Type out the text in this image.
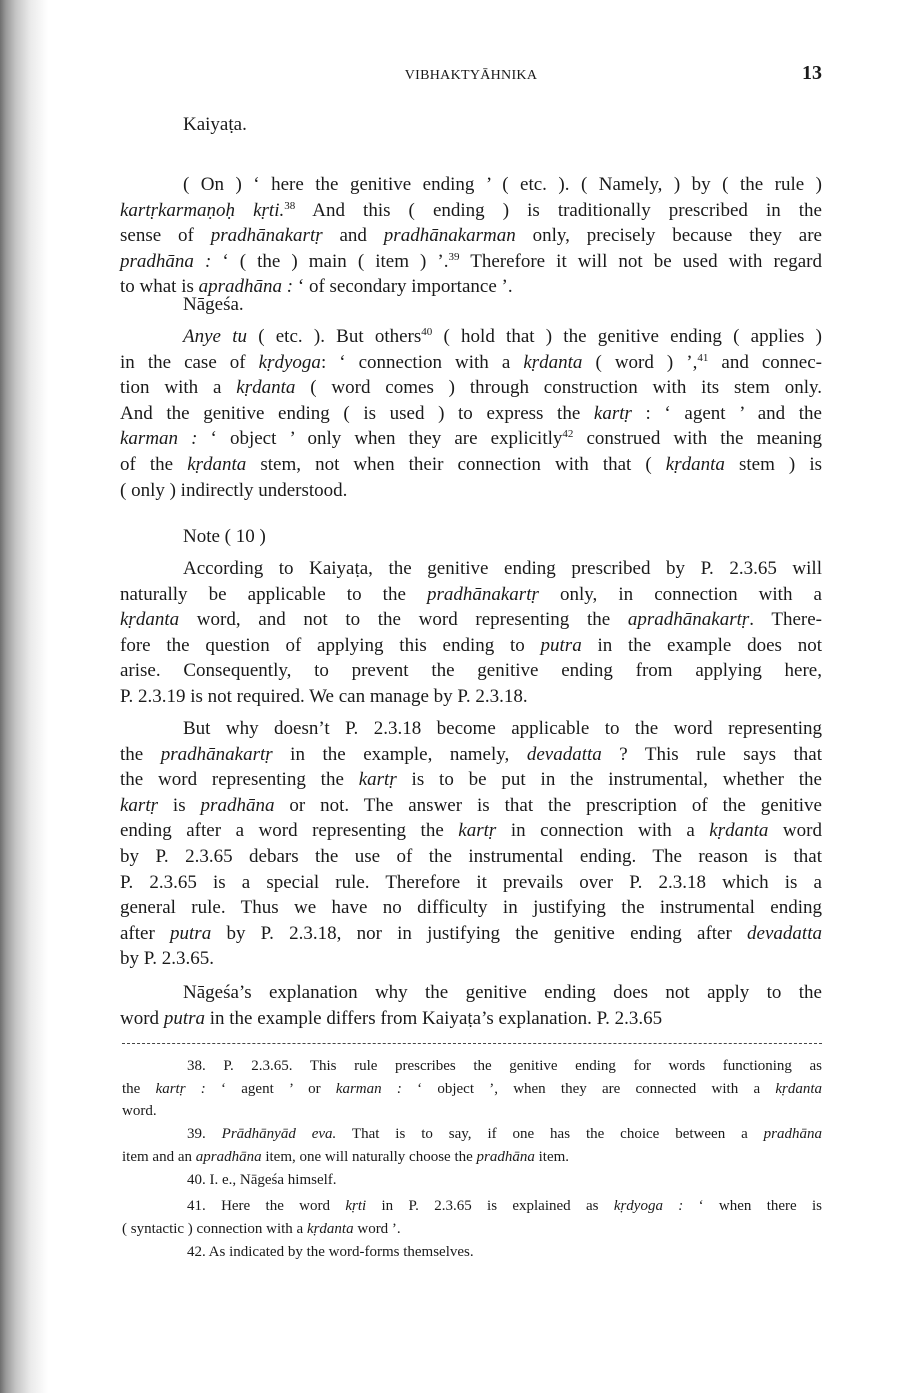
VIBHAKTYĀHNIKA	13
Kaiyaṭa.
( On ) ‘ here the genitive ending ’ ( etc. ). ( Namely, ) by ( the rule )
kartṛkarmaṇoḥ kṛti.$^{38}$ And this ( ending ) is traditionally prescribed in the
sense of pradhānakartṛ and pradhānakarman only, precisely because they are
pradhāna : ‘ ( the ) main ( item ) ’.$^{39}$ Therefore it will not be used with regard
to what is apradhāna : ‘ of secondary importance ’.
Nāgeśa.
Anye tu ( etc. ). But others$^{40}$ ( hold that ) the genitive ending ( applies )
in the case of kṛdyoga: ‘ connection with a kṛdanta ( word ) ’,$^{41}$ and connec-
tion with a kṛdanta ( word comes ) through construction with its stem only.
And the genitive ending ( is used ) to express the kartṛ : ‘ agent ’ and the
karman : ‘ object ’ only when they are explicitly$^{42}$ construed with the meaning
of the kṛdanta stem, not when their connection with that ( kṛdanta stem ) is
( only ) indirectly understood.
Note ( 10 )
According to Kaiyaṭa, the genitive ending prescribed by P. 2.3.65 will
naturally be applicable to the pradhānakartṛ only, in connection with a
kṛdanta word, and not to the word representing the apradhānakartṛ. There-
fore the question of applying this ending to putra in the example does not
arise. Consequently, to prevent the genitive ending from applying here,
P. 2.3.19 is not required. We can manage by P. 2.3.18.
But why doesn’t P. 2.3.18 become applicable to the word representing
the pradhānakartṛ in the example, namely, devadatta ? This rule says that
the word representing the kartṛ is to be put in the instrumental, whether the
kartṛ is pradhāna or not. The answer is that the prescription of the genitive
ending after a word representing the kartṛ in connection with a kṛdanta word
by P. 2.3.65 debars the use of the instrumental ending. The reason is that
P. 2.3.65 is a special rule. Therefore it prevails over P. 2.3.18 which is a
general rule. Thus we have no difficulty in justifying the instrumental ending
after putra by P. 2.3.18, nor in justifying the genitive ending after devadatta
by P. 2.3.65.
Nāgeśa’s explanation why the genitive ending does not apply to the
word putra in the example differs from Kaiyaṭa’s explanation. P. 2.3.65
38. P. 2.3.65. This rule prescribes the genitive ending for words functioning as
the kartṛ : ‘ agent ’ or karman : ‘ object ’, when they are connected with a kṛdanta
word.
39. Prādhānyād eva. That is to say, if one has the choice between a pradhāna
item and an apradhāna item, one will naturally choose the pradhāna item.
40. I. e., Nāgeśa himself.
41. Here the word kṛti in P. 2.3.65 is explained as kṛdyoga : ‘ when there is
( syntactic ) connection with a kṛdanta word ’.
42. As indicated by the word-forms themselves.
